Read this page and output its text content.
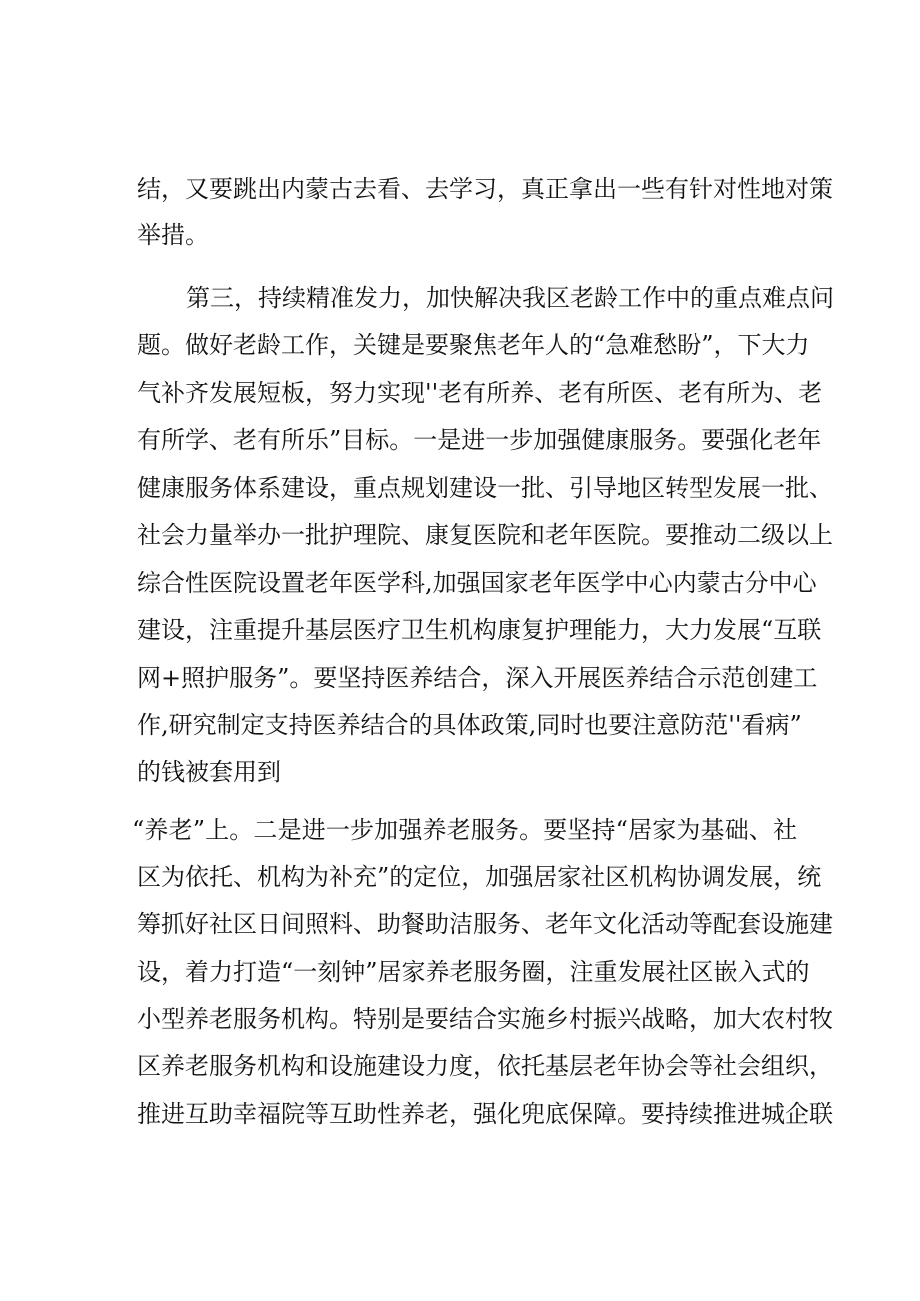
结，又要跳出内蒙古去看、去学习，真正拿出一些有针对性地对策
举措。
第三，持续精准发力，加快解决我区老龄工作中的重点难点问
题。做好老龄工作，关键是要聚焦老年人的“急难愁盼”，下大力
气补齐发展短板，努力实现''老有所养、老有所医、老有所为、老
有所学、老有所乐”目标。一是进一步加强健康服务。要强化老年
健康服务体系建设，重点规划建设一批、引导地区转型发展一批、
社会力量举办一批护理院、康复医院和老年医院。要推动二级以上
综合性医院设置老年医学科,加强国家老年医学中心内蒙古分中心
建设，注重提升基层医疗卫生机构康复护理能力，大力发展“互联
网+照护服务”。要坚持医养结合，深入开展医养结合示范创建工
作,研究制定支持医养结合的具体政策,同时也要注意防范''看病”
的钱被套用到
“养老”上。二是进一步加强养老服务。要坚持“居家为基础、社
区为依托、机构为补充”的定位，加强居家社区机构协调发展，统
筹抓好社区日间照料、助餐助洁服务、老年文化活动等配套设施建
设，着力打造“一刻钟”居家养老服务圈，注重发展社区嵌入式的
小型养老服务机构。特别是要结合实施乡村振兴战略，加大农村牧
区养老服务机构和设施建设力度，依托基层老年协会等社会组织，
推进互助幸福院等互助性养老，强化兜底保障。要持续推进城企联
